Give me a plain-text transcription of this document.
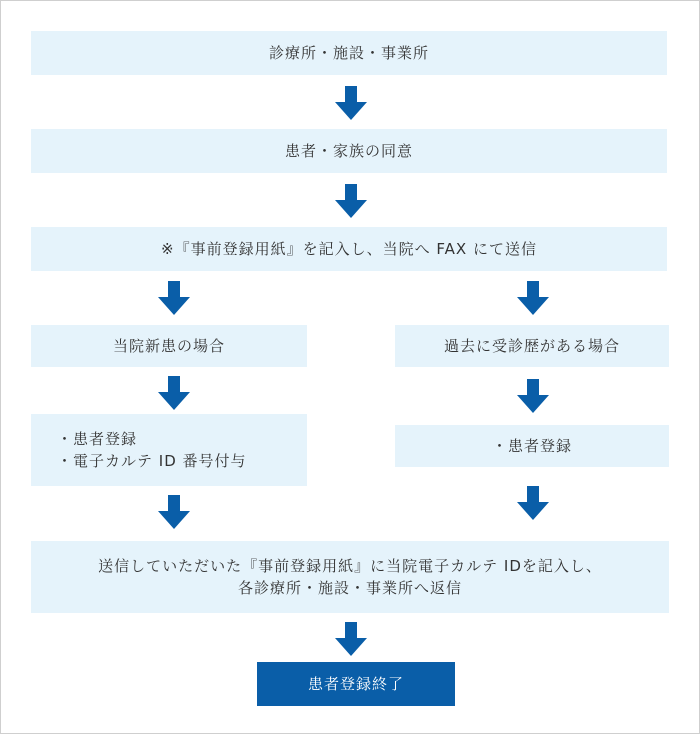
診療所・施設・事業所
患者・家族の同意
※『事前登録用紙』を記入し、当院へ FAX にて送信
当院新患の場合	過去に受診歴がある場合
・患者登録
・電子カルテ ID 番号付与
・患者登録
送信していただいた『事前登録用紙』に当院電子カルテ IDを記入し、
各診療所・施設・事業所へ返信
患者登録終了
